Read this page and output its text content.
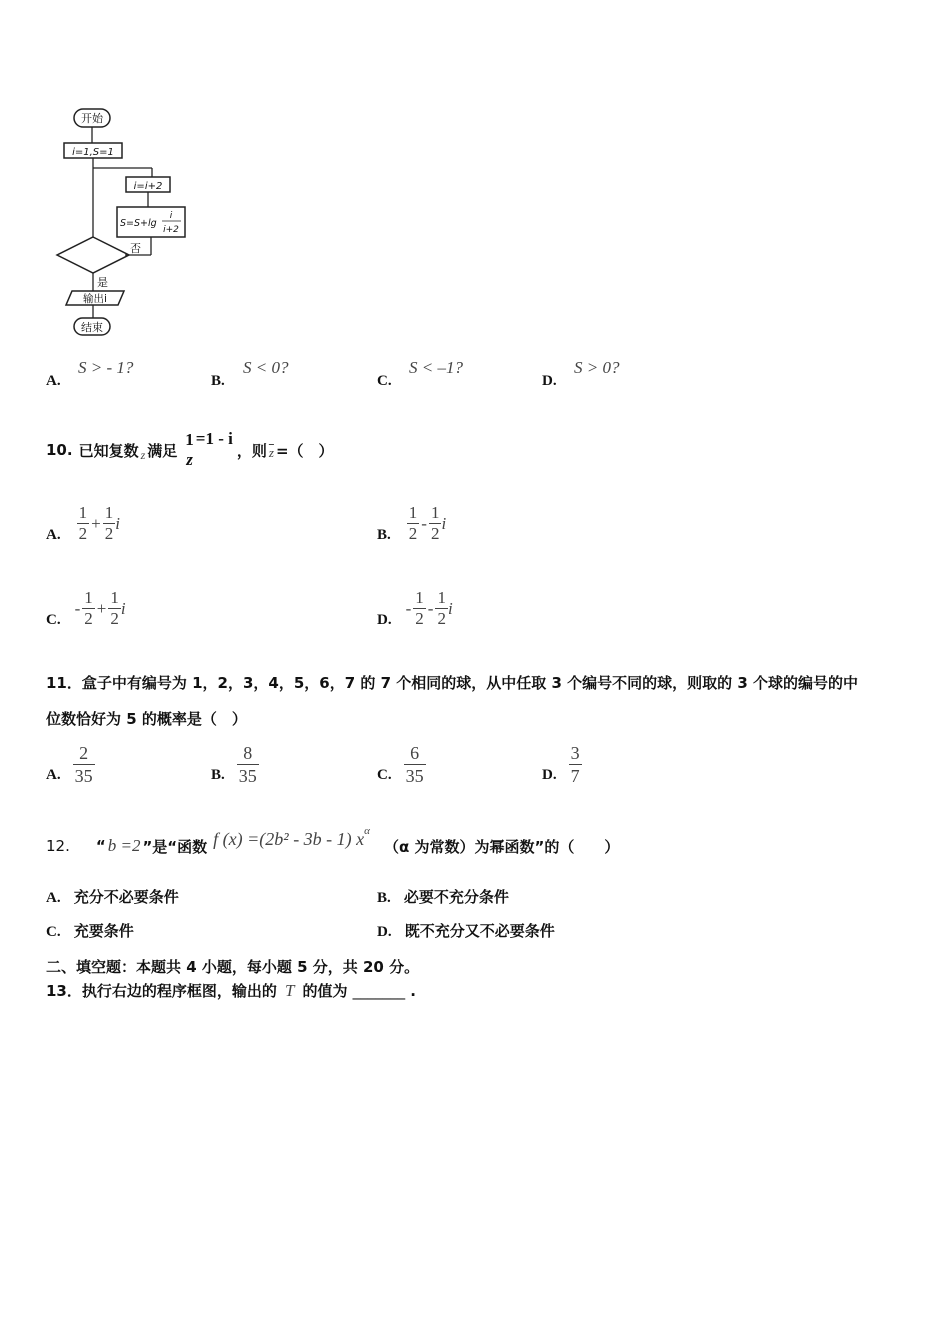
开始
i=1,S=1
i=i+2
S=S+lg
i
i+2
否
是
输出i
结束
A.
S > - 1?
B.
S < 0?
C.
S < –1?
D.
S > 0?
10. 已知复数 z 满足
1
z
=1 - i
，则 $\overline{z}$ =（　）
A. $\frac{1}{2} + \frac{1}{2}$ i
B. $\frac{1}{2} - \frac{1}{2}$ i
C.
- $\frac{1}{2} + \frac{1}{2}$ i
D.
- $\frac{1}{2} - \frac{1}{2}$ i
11．盒子中有编号为 1，2，3，4，5，6，7 的 7 个相同的球，从中任取 3 个编号不同的球，则取的 3 个球的编号的中
位数恰好为 5 的概率是（　）
A. $\frac{2}{35}$	B. $\frac{8}{35}$	C. $\frac{6}{35}$	D. $\frac{3}{7}$
12. “ b =2 ”是“函数 f (x) =(2b² - 3b - 1) x α
（α 为常数）为幂函数”的（　　）
A. 充分不必要条件	B. 必要不充分条件
C. 充要条件	D. 既不充分又不必要条件
二、填空题：本题共 4 小题，每小题 5 分，共 20 分。
13．执行右边的程序框图，输出的 T 的值为 _______ .
